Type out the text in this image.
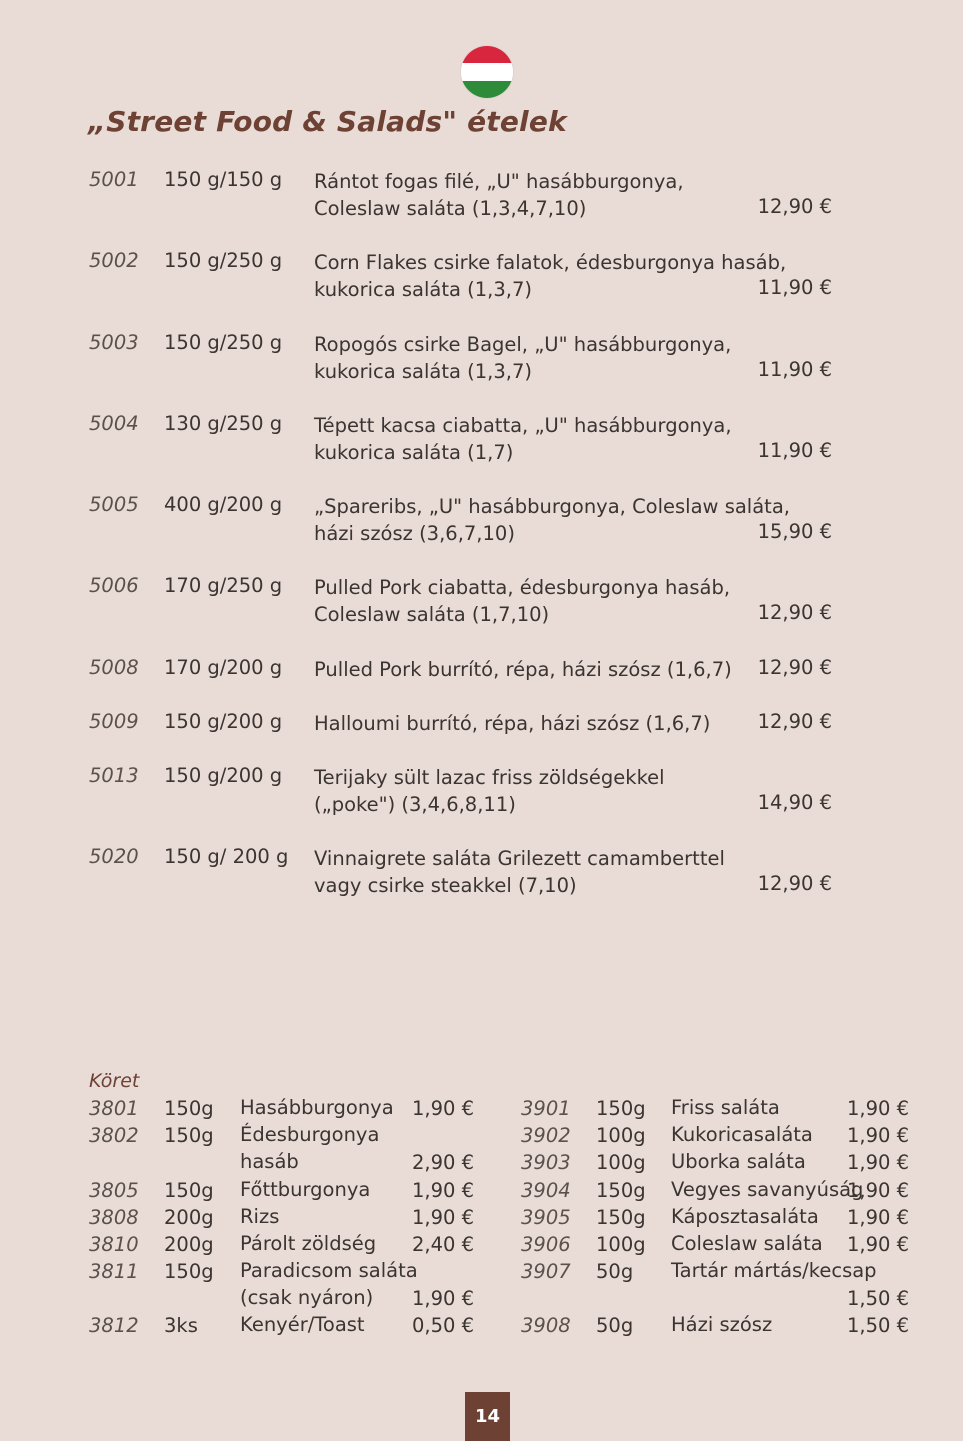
„Street Food & Salads" ételek
5001 150 g/150 g Rántot fogas filé, „U" hasábburgonya,
Coleslaw saláta (1,3,4,7,10)	12,90 €
5002 150 g/250 g Corn Flakes csirke falatok, édesburgonya hasáb,
kukorica saláta (1,3,7)	11,90 €
5003 150 g/250 g Ropogós csirke Bagel, „U" hasábburgonya,
kukorica saláta (1,3,7)	11,90 €
5004 130 g/250 g Tépett kacsa ciabatta, „U" hasábburgonya,
kukorica saláta (1,7)	11,90 €
5005 400 g/200 g „Spareribs, „U" hasábburgonya, Coleslaw saláta,
házi szósz (3,6,7,10)	15,90 €
5006 170 g/250 g Pulled Pork ciabatta, édesburgonya hasáb,
Coleslaw saláta (1,7,10)	12,90 €
5008 170 g/200 g Pulled Pork burrító, répa, házi szósz (1,6,7) 12,90 €
5009 150 g/200 g Halloumi burrító, répa, házi szósz (1,6,7) 12,90 €
5013 150 g/200 g Terijaky sült lazac friss zöldségekkel
(„poke") (3,4,6,8,11)	14,90 €
5020 150 g/ 200 g Vinnaigrete saláta Grilezett camamberttel
vagy csirke steakkel (7,10)	12,90 €
Köret
3801 150g Hasábburgonya 1,90 €
3802 150g Édesburgonya
hasáb	2,90 €
3805 150g Főttburgonya 1,90 €
3808 200g Rizs	1,90 €
3810 200g Párolt zöldség 2,40 €
3811 150g Paradicsom saláta
(csak nyáron)	1,90 €
3812 3ks Kenyér/Toast 0,50 €
3901 150g Friss saláta	1,90 €
3902 100g Kukoricasaláta 1,90 €
3903 100g Uborka saláta 1,90 €
3904 150g Vegyes savanyúság
1,90 €
3905 150g Káposztasaláta 1,90 €
3906 100g Coleslaw saláta 1,90 €
3907 50g Tartár mártás/kecsap
1,50 €
3908 50g Házi szósz	1,50 €
14
